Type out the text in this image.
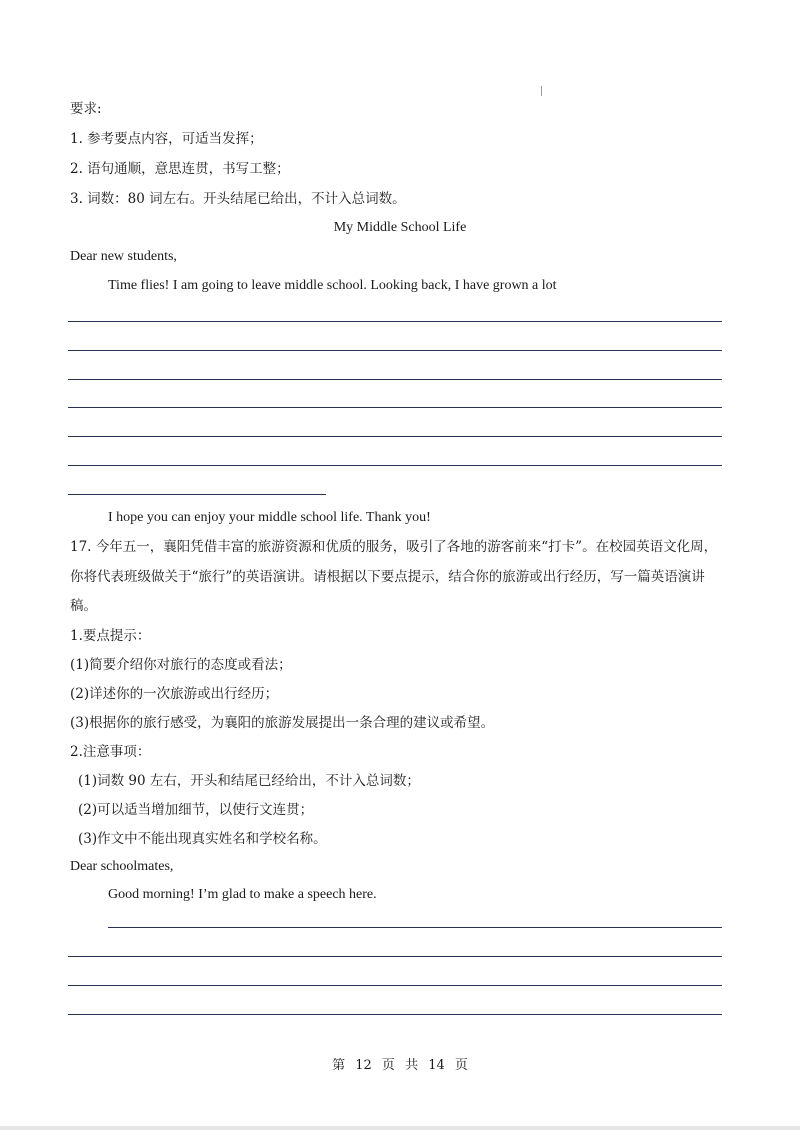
要求:
1. 参考要点内容，可适当发挥；
2. 语句通顺，意思连贯，书写工整；
3. 词数：80 词左右。开头结尾已给出，不计入总词数。
My Middle School Life
Dear new students,
Time flies! I am going to leave middle school. Looking back, I have grown a lot
I hope you can enjoy your middle school life. Thank you!
17. 今年五一，襄阳凭借丰富的旅游资源和优质的服务，吸引了各地的游客前来“打卡”。在校园英语文化周，
你将代表班级做关于“旅行”的英语演讲。请根据以下要点提示，结合你的旅游或出行经历，写一篇英语演讲
稿。
1.要点提示：
(1)简要介绍你对旅行的态度或看法；
(2)详述你的一次旅游或出行经历；
(3)根据你的旅行感受，为襄阳的旅游发展提出一条合理的建议或希望。
2.注意事项：
(1)词数 90 左右，开头和结尾已经给出，不计入总词数；
(2)可以适当增加细节，以使行文连贯；
(3)作文中不能出现真实姓名和学校名称。
Dear schoolmates,
Good morning! I’m glad to make a speech here.
第 12 页 共 14 页
